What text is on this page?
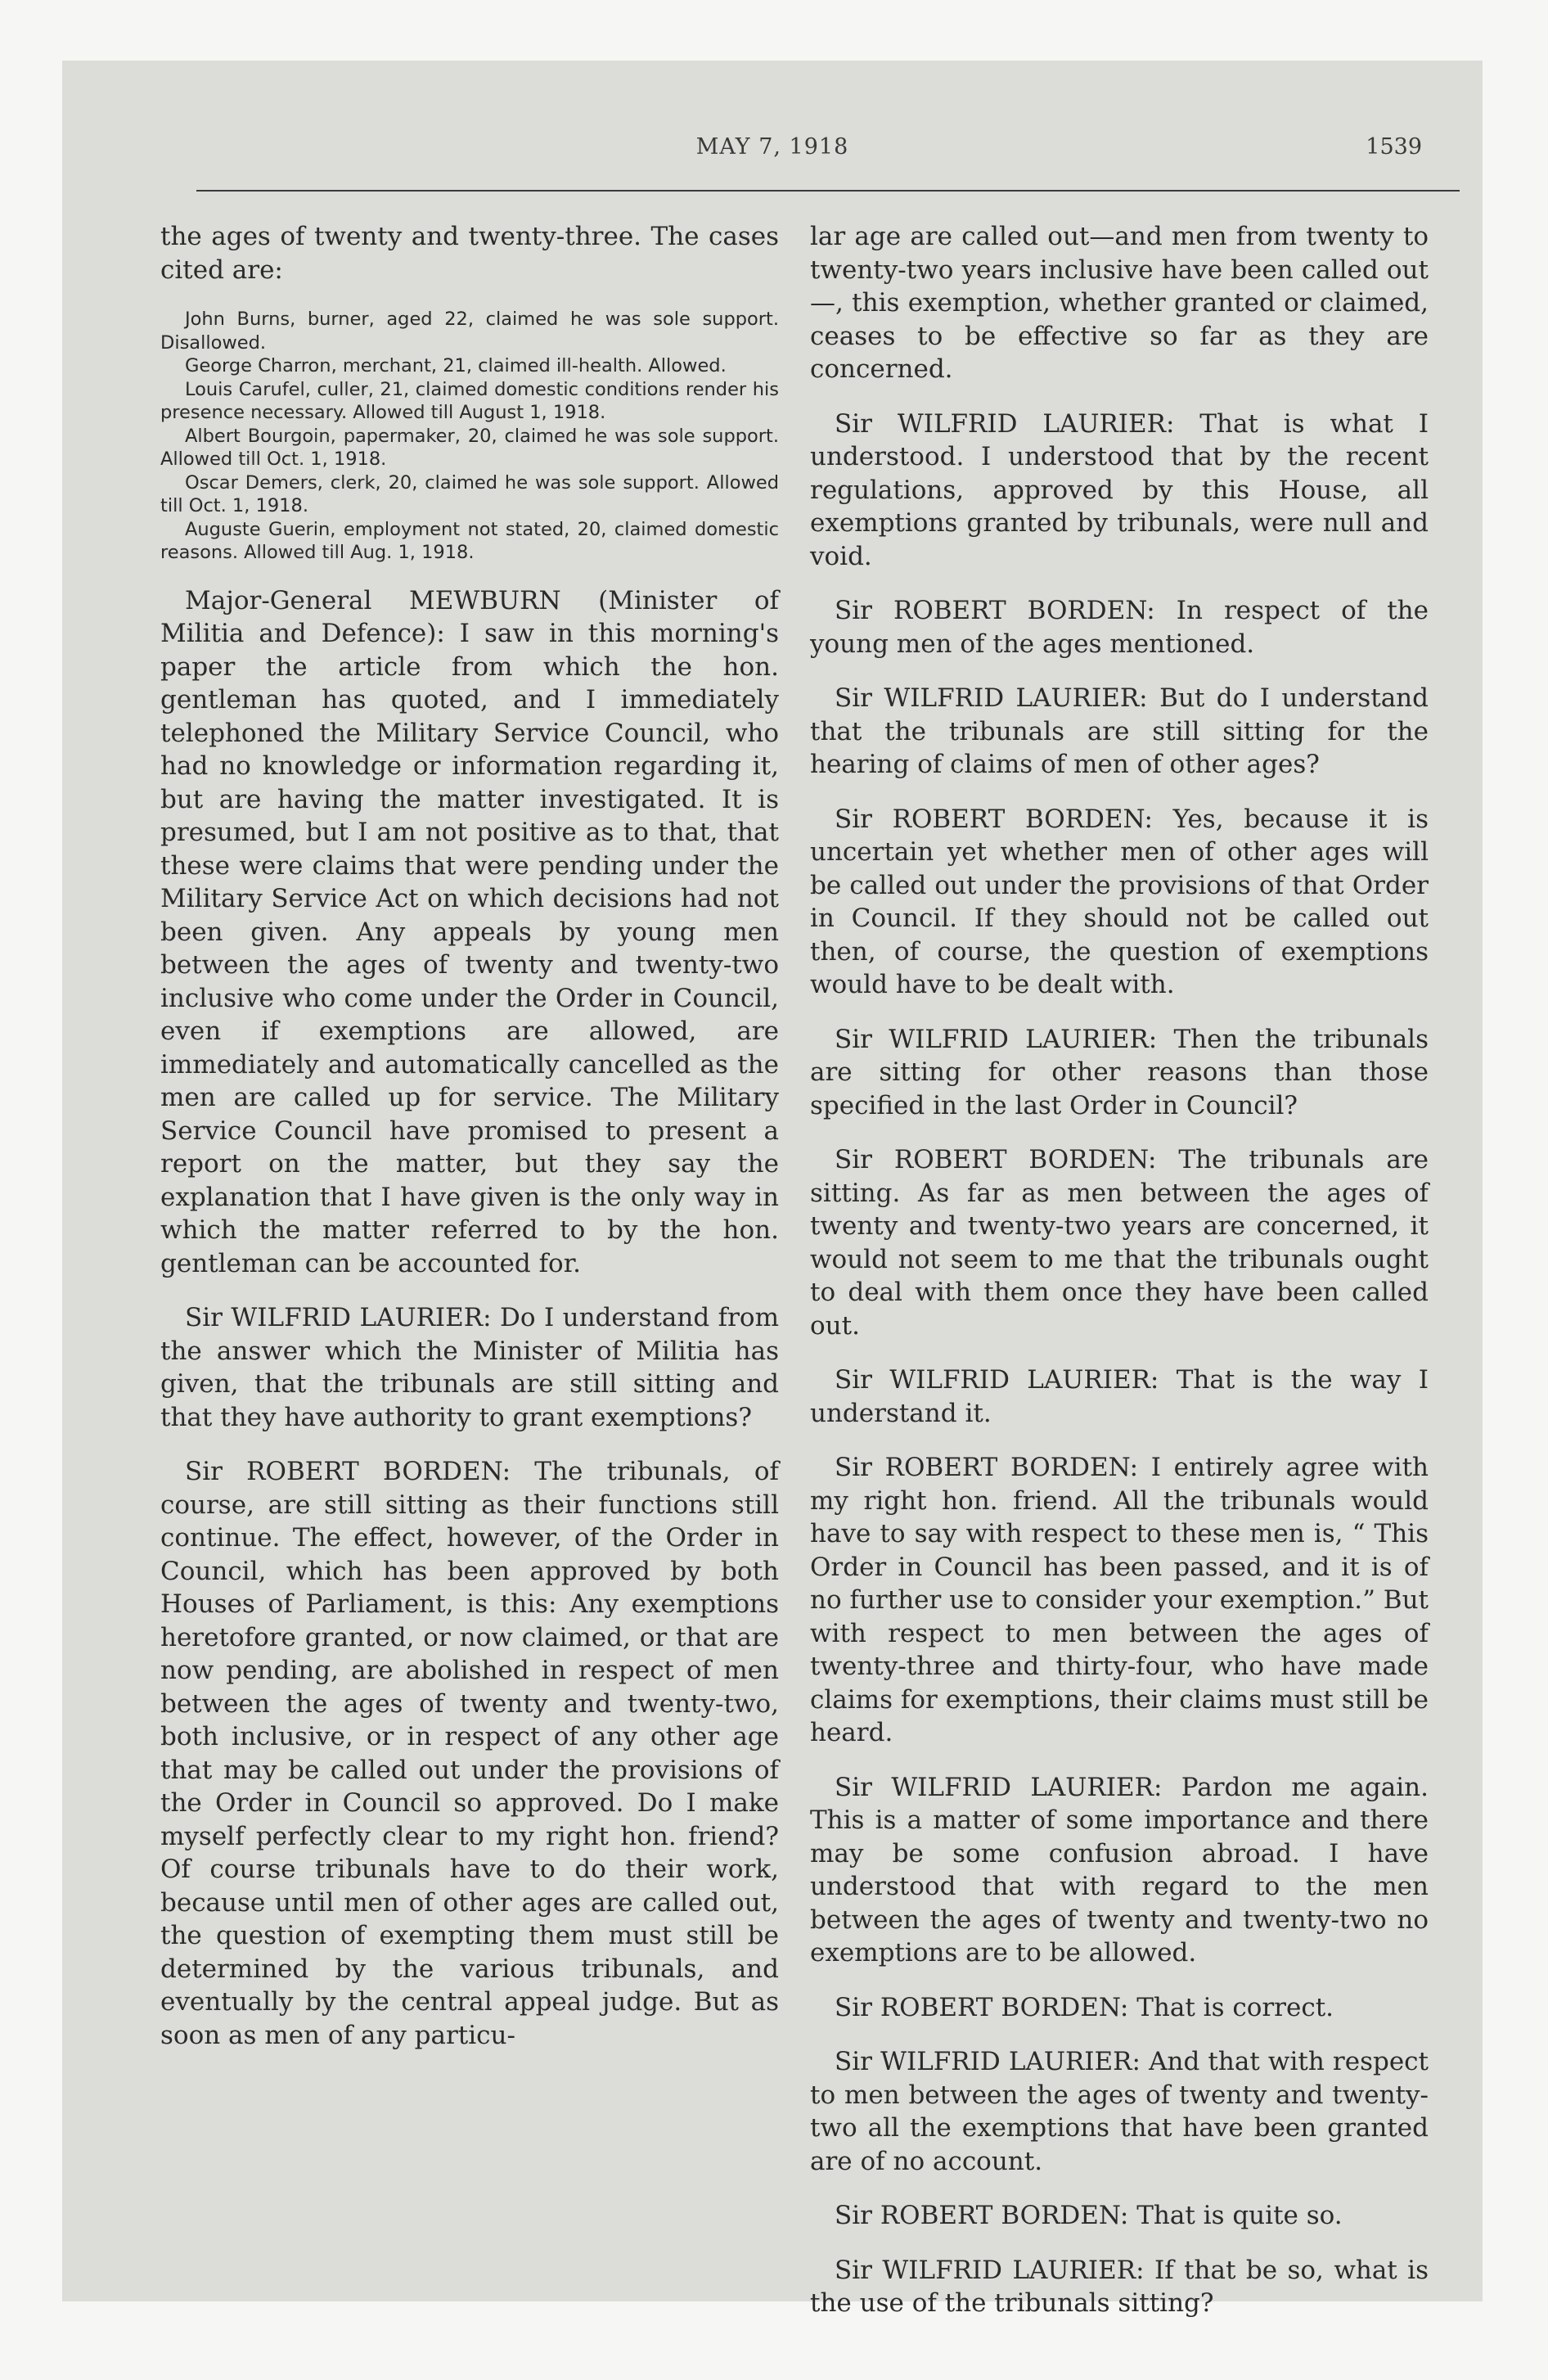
MAY 7, 1918	1539

the ages of twenty and twenty-three. The cases cited are:

John Burns, burner, aged 22, claimed he was sole support. Disallowed.

George Charron, merchant, 21, claimed ill-health. Allowed.

Louis Carufel, culler, 21, claimed domestic conditions render his presence necessary. Allowed till August 1, 1918.

Albert Bourgoin, papermaker, 20, claimed he was sole support. Allowed till Oct. 1, 1918.

Oscar Demers, clerk, 20, claimed he was sole support. Allowed till Oct. 1, 1918.

Auguste Guerin, employment not stated, 20, claimed domestic reasons. Allowed till Aug. 1, 1918.

Major-General MEWBURN (Minister of Militia and Defence): I saw in this morning's paper the article from which the hon. gentleman has quoted, and I immediately telephoned the Military Service Council, who had no knowledge or information regarding it, but are having the matter investigated. It is presumed, but I am not positive as to that, that these were claims that were pending under the Military Service Act on which decisions had not been given. Any appeals by young men between the ages of twenty and twenty-two inclusive who come under the Order in Council, even if exemptions are allowed, are immediately and automatically cancelled as the men are called up for service. The Military Service Council have promised to present a report on the matter, but they say the explanation that I have given is the only way in which the matter referred to by the hon. gentleman can be accounted for.

Sir WILFRID LAURIER: Do I understand from the answer which the Minister of Militia has given, that the tribunals are still sitting and that they have authority to grant exemptions?

Sir ROBERT BORDEN: The tribunals, of course, are still sitting as their functions still continue. The effect, however, of the Order in Council, which has been approved by both Houses of Parliament, is this: Any exemptions heretofore granted, or now claimed, or that are now pending, are abolished in respect of men between the ages of twenty and twenty-two, both inclusive, or in respect of any other age that may be called out under the provisions of the Order in Council so approved. Do I make myself perfectly clear to my right hon. friend? Of course tribunals have to do their work, because until men of other ages are called out, the question of exempting them must still be determined by the various tribunals, and eventually by the central appeal judge. But as soon as men of any particu-

lar age are called out—and men from twenty to twenty-two years inclusive have been called out—, this exemption, whether granted or claimed, ceases to be effective so far as they are concerned.

Sir WILFRID LAURIER: That is what I understood. I understood that by the recent regulations, approved by this House, all exemptions granted by tribunals, were null and void.

Sir ROBERT BORDEN: In respect of the young men of the ages mentioned.

Sir WILFRID LAURIER: But do I understand that the tribunals are still sitting for the hearing of claims of men of other ages?

Sir ROBERT BORDEN: Yes, because it is uncertain yet whether men of other ages will be called out under the provisions of that Order in Council. If they should not be called out then, of course, the question of exemptions would have to be dealt with.

Sir WILFRID LAURIER: Then the tribunals are sitting for other reasons than those specified in the last Order in Council?

Sir ROBERT BORDEN: The tribunals are sitting. As far as men between the ages of twenty and twenty-two years are concerned, it would not seem to me that the tribunals ought to deal with them once they have been called out.

Sir WILFRID LAURIER: That is the way I understand it.

Sir ROBERT BORDEN: I entirely agree with my right hon. friend. All the tribunals would have to say with respect to these men is, “ This Order in Council has been passed, and it is of no further use to consider your exemption.” But with respect to men between the ages of twenty-three and thirty-four, who have made claims for exemptions, their claims must still be heard.

Sir WILFRID LAURIER: Pardon me again. This is a matter of some importance and there may be some confusion abroad. I have understood that with regard to the men between the ages of twenty and twenty-two no exemptions are to be allowed.

Sir ROBERT BORDEN: That is correct.

Sir WILFRID LAURIER: And that with respect to men between the ages of twenty and twenty-two all the exemptions that have been granted are of no account.

Sir ROBERT BORDEN: That is quite so.

Sir WILFRID LAURIER: If that be so, what is the use of the tribunals sitting?
